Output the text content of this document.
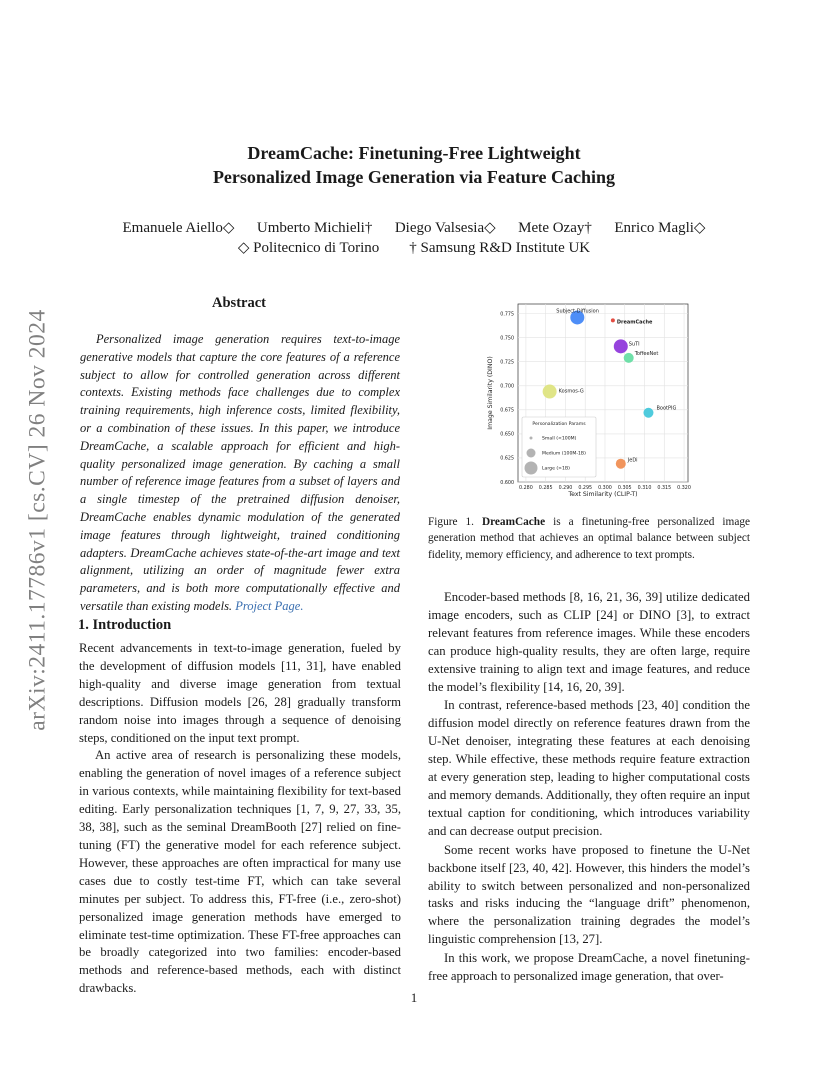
DreamCache: Finetuning-Free Lightweight
Personalized Image Generation via Feature Caching
Emanuele Aiello◇      Umberto Michieli†      Diego Valsesia◇      Mete Ozay†      Enrico Magli◇
◇ Politecnico di Torino        † Samsung R&D Institute UK
arXiv:2411.17786v1 [cs.CV] 26 Nov 2024
Abstract
Personalized image generation requires text-to-image generative models that capture the core features of a reference subject to allow for controlled generation across different contexts. Existing methods face challenges due to complex training requirements, high inference costs, limited flexibility, or a combination of these issues. In this paper, we introduce DreamCache, a scalable approach for efficient and high-quality personalized image generation. By caching a small number of reference image features from a subset of layers and a single timestep of the pretrained diffusion denoiser, DreamCache enables dynamic modulation of the generated image features through lightweight, trained conditioning adapters. DreamCache achieves state-of-the-art image and text alignment, utilizing an order of magnitude fewer extra parameters, and is both more computationally effective and versatile than existing models. Project Page.
0.280 0.285 0.290 0.295 0.300 0.305 0.310 0.315 0.320
0.600
0.625
0.650
0.675
0.700
0.725
0.750
0.775
Text Similarity (CLIP-T)
Image Similarity (DINO)	Personalization Params
Small (<100M)
Medium (100M-1B)
Large (>1B)
Subject-Diffusion
DreamCache
SuTI
ToffeeNet
Kosmos-G
BootPIG
JeDi
Figure 1. DreamCache is a finetuning-free personalized image generation method that achieves an optimal balance between subject fidelity, memory efficiency, and adherence to text prompts.
1. Introduction

Recent advancements in text-to-image generation, fueled by the development of diffusion models [11, 31], have enabled high-quality and diverse image generation from textual descriptions. Diffusion models [26, 28] gradually transform random noise into images through a sequence of denoising steps, conditioned on the input text prompt.

An active area of research is personalizing these models, enabling the generation of novel images of a reference subject in various contexts, while maintaining flexibility for text-based editing. Early personalization techniques [1, 7, 9, 27, 33, 35, 38, 38], such as the seminal DreamBooth [27] relied on fine-tuning (FT) the generative model for each reference subject. However, these approaches are often impractical for many use cases due to costly test-time FT, which can take several minutes per subject. To address this, FT-free (i.e., zero-shot) personalized image generation methods have emerged to eliminate test-time optimization. These FT-free approaches can be broadly categorized into two families: encoder-based methods and reference-based methods, each with distinct drawbacks.

Encoder-based methods [8, 16, 21, 36, 39] utilize dedicated image encoders, such as CLIP [24] or DINO [3], to extract relevant features from reference images. While these encoders can produce high-quality results, they are often large, require extensive training to align text and image features, and reduce the model’s flexibility [14, 16, 20, 39].

In contrast, reference-based methods [23, 40] condition the diffusion model directly on reference features drawn from the U-Net denoiser, integrating these features at each denoising step. While effective, these methods require feature extraction at every generation step, leading to higher computational costs and memory demands. Additionally, they often require an input textual caption for conditioning, which introduces variability and can decrease output precision.

Some recent works have proposed to finetune the U-Net backbone itself [23, 40, 42]. However, this hinders the model’s ability to switch between personalized and non-personalized tasks and risks inducing the “language drift” phenomenon, where the personalization training degrades the model’s linguistic comprehension [13, 27].

In this work, we propose DreamCache, a novel finetuning-free approach to personalized image generation, that over-

1
